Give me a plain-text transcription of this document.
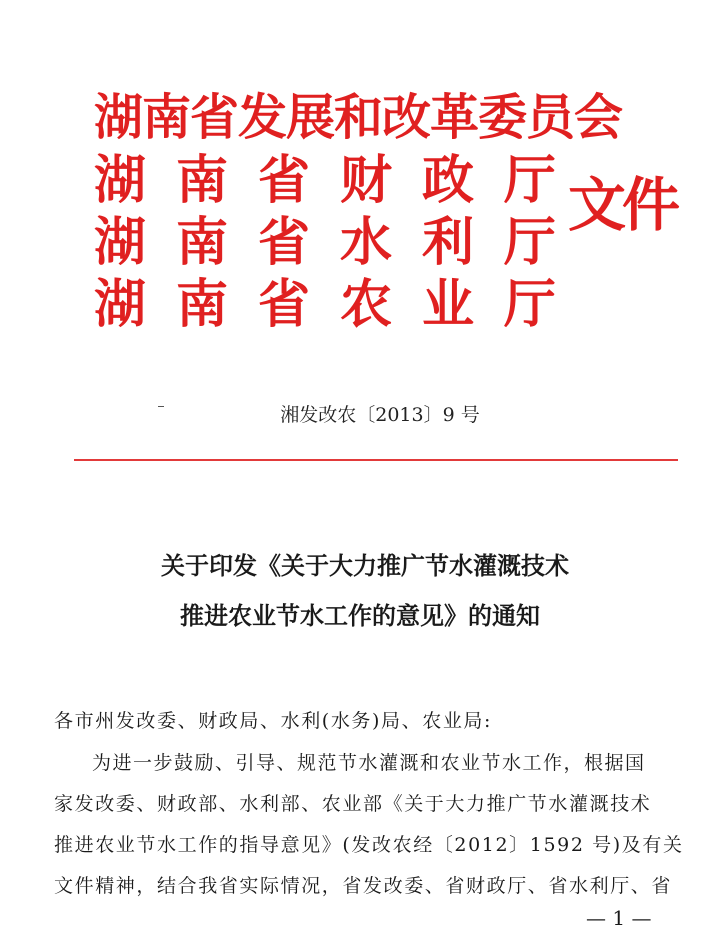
湖南省发展和改革委员会
湖 南 省 财 政 厅
湖 南 省 水 利 厅
湖 南 省 农 业 厅
文件
湘发改农〔2013〕9 号
关于印发《关于大力推广节水灌溉技术
推进农业节水工作的意见》的通知
各市州发改委、财政局、水利(水务)局、农业局:
为进一步鼓励、引导、规范节水灌溉和农业节水工作，根据国
家发改委、财政部、水利部、农业部《关于大力推广节水灌溉技术
推进农业节水工作的指导意见》(发改农经〔2012〕1592 号)及有关
文件精神，结合我省实际情况，省发改委、省财政厅、省水利厅、省
— 1 —
